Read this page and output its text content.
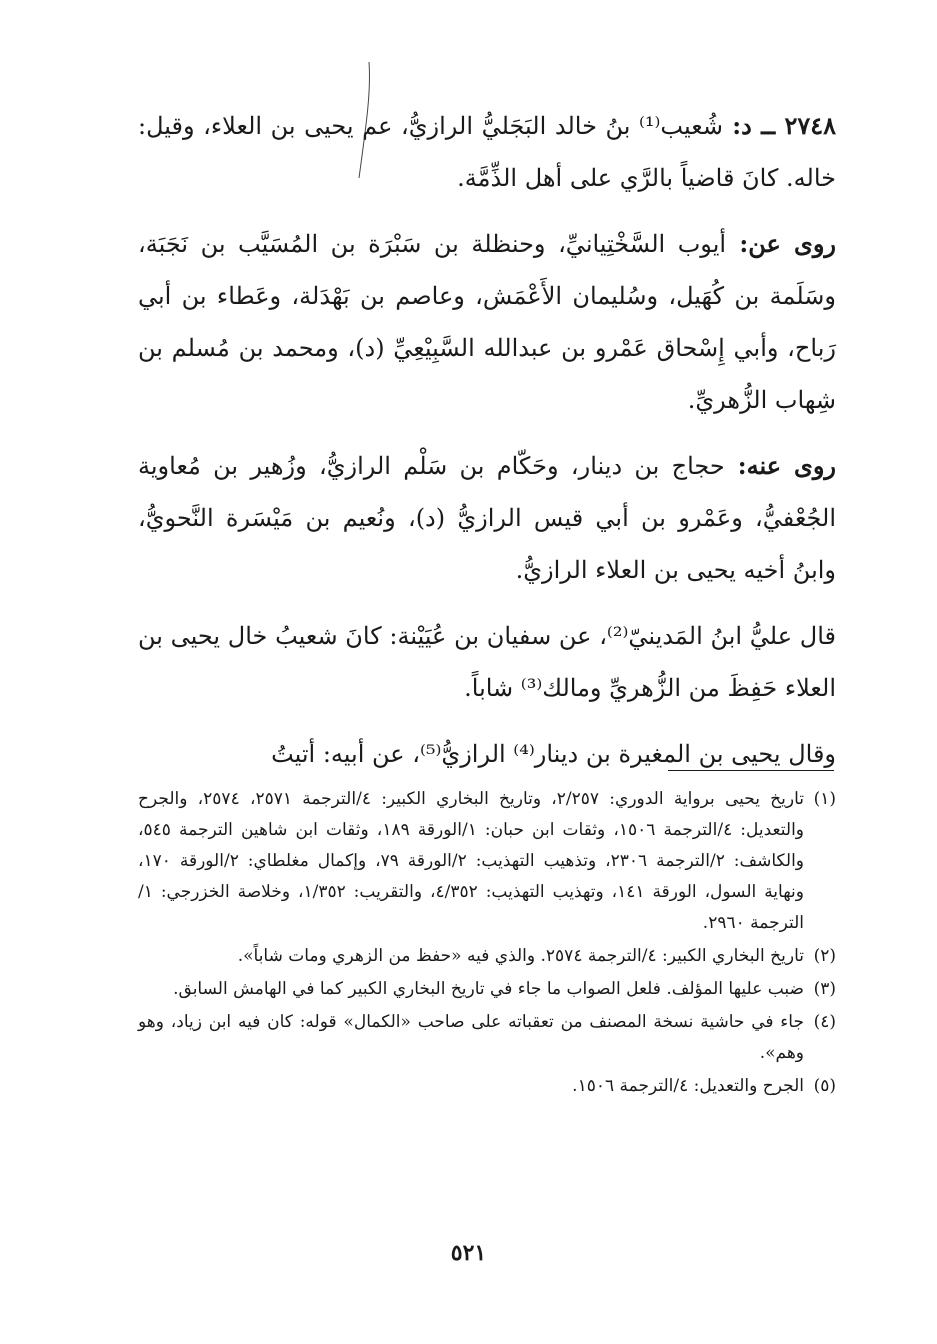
٢٧٤٨ ــ د: شُعيب⁽¹⁾ بنُ خالد البَجَليُّ الرازيُّ، عم يحيى بن العلاء، وقيل: خاله. كانَ قاضياً بالرَّي على أهل الذِّمَّة.

روى عن: أيوب السَّخْتِيانيِّ، وحنظلة بن سَبْرَة بن المُسَيَّب بن نَجَبَة، وسَلَمة بن كُهَيل، وسُليمان الأَعْمَش، وعاصم بن بَهْدَلة، وعَطاء بن أبي رَباح، وأبي إِسْحاق عَمْرو بن عبدالله السَّبِيْعِيِّ (د)، ومحمد بن مُسلم بن شِهاب الزُّهريِّ.

روى عنه: حجاج بن دينار، وحَكّام بن سَلْم الرازيُّ، وزُهير بن مُعاوية الجُعْفيُّ، وعَمْرو بن أبي قيس الرازيُّ (د)، ونُعيم بن مَيْسَرة النَّحويُّ، وابنُ أخيه يحيى بن العلاء الرازيُّ.

قال عليُّ ابنُ المَدينيّ⁽²⁾، عن سفيان بن عُيَيْنة: كانَ شعيبُ خال يحيى بن العلاء حَفِظَ من الزُّهريِّ ومالك⁽³⁾ شاباً.

وقال يحيى بن المغيرة بن دينار⁽⁴⁾ الرازيُّ⁽⁵⁾، عن أبيه: أتيتُ

(١)
تاريخ يحيى برواية الدوري: ٢/٢٥٧، وتاريخ البخاري الكبير: ٤/الترجمة ٢٥٧١، ٢٥٧٤، والجرح والتعديل: ٤/الترجمة ١٥٠٦، وثقات ابن حبان: ١/الورقة ١٨٩، وثقات ابن شاهين الترجمة ٥٤٥، والكاشف: ٢/الترجمة ٢٣٠٦، وتذهيب التهذيب: ٢/الورقة ٧٩، وإكمال مغلطاي: ٢/الورقة ١٧٠، ونهاية السول، الورقة ١٤١، وتهذيب التهذيب: ٤/٣٥٢، والتقريب: ١/٣٥٢، وخلاصة الخزرجي: ١/الترجمة ٢٩٦٠.
(٢)
تاريخ البخاري الكبير: ٤/الترجمة ٢٥٧٤. والذي فيه «حفظ من الزهري ومات شاباً».
(٣)
ضبب عليها المؤلف. فلعل الصواب ما جاء في تاريخ البخاري الكبير كما في الهامش السابق.
(٤)
جاء في حاشية نسخة المصنف من تعقباته على صاحب «الكمال» قوله: كان فيه ابن زياد، وهو وهم».
(٥)
الجرح والتعديل: ٤/الترجمة ١٥٠٦.
٥٢١
